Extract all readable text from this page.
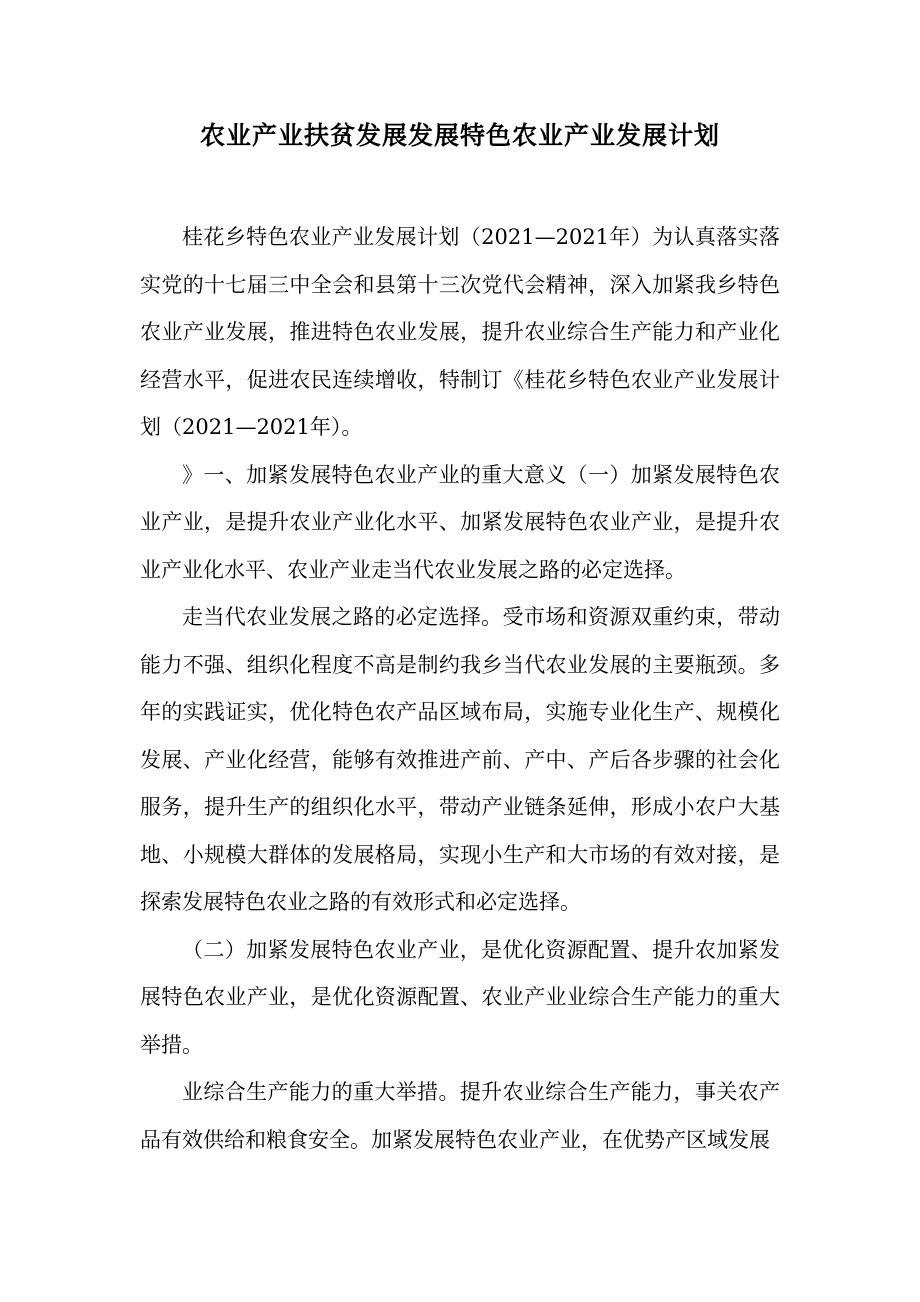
农业产业扶贫发展发展特色农业产业发展计划

桂花乡特色农业产业发展计划（2021—2021年）为认真落实落实党的十七届三中全会和县第十三次党代会精神，深入加紧我乡特色农业产业发展，推进特色农业发展，提升农业综合生产能力和产业化经营水平，促进农民连续增收，特制订《桂花乡特色农业产业发展计划（2021—2021年）。

》一、加紧发展特色农业产业的重大意义（一）加紧发展特色农业产业，是提升农业产业化水平、加紧发展特色农业产业，是提升农业产业化水平、农业产业走当代农业发展之路的必定选择。

走当代农业发展之路的必定选择。受市场和资源双重约束，带动能力不强、组织化程度不高是制约我乡当代农业发展的主要瓶颈。多年的实践证实，优化特色农产品区域布局，实施专业化生产、规模化发展、产业化经营，能够有效推进产前、产中、产后各步骤的社会化服务，提升生产的组织化水平，带动产业链条延伸，形成小农户大基地、小规模大群体的发展格局，实现小生产和大市场的有效对接，是探索发展特色农业之路的有效形式和必定选择。

（二）加紧发展特色农业产业，是优化资源配置、提升农加紧发展特色农业产业，是优化资源配置、农业产业业综合生产能力的重大举措。

业综合生产能力的重大举措。提升农业综合生产能力，事关农产品有效供给和粮食安全。加紧发展特色农业产业，在优势产区域发展
